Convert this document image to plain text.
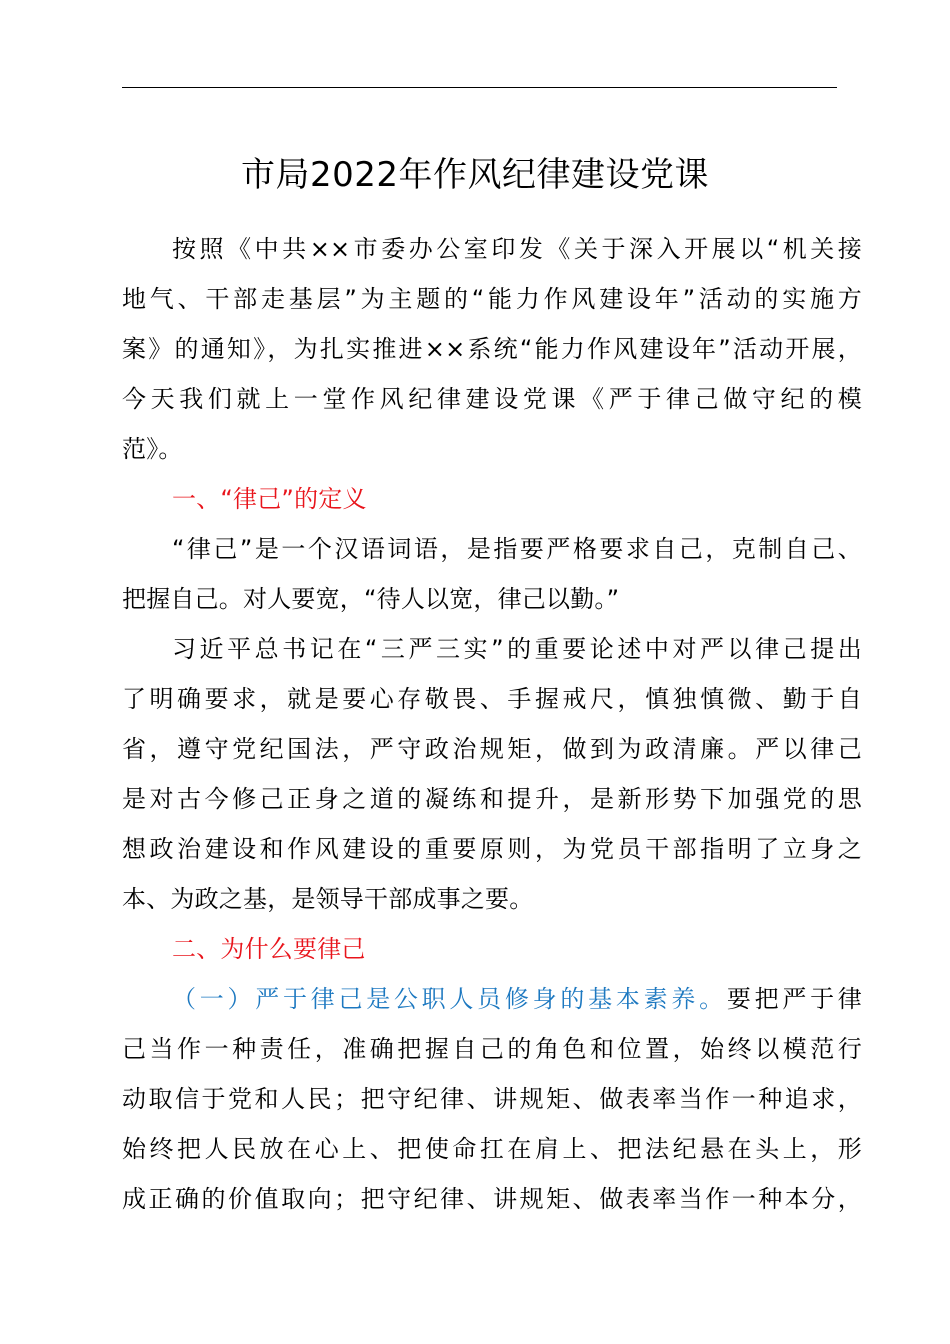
市局2022年作风纪律建设党课
按照《中共××市委办公室印发《关于深入开展以“机关接
地气、干部走基层”为主题的“能力作风建设年”活动的实施方
案》的通知》，为扎实推进××系统“能力作风建设年”活动开展，
今天我们就上一堂作风纪律建设党课《严于律己做守纪的模
范》。
一、“律己”的定义
“律己”是一个汉语词语，是指要严格要求自己，克制自己、
把握自己。对人要宽，“待人以宽，律己以勤。”
习近平总书记在“三严三实”的重要论述中对严以律己提出
了明确要求，就是要心存敬畏、手握戒尺，慎独慎微、勤于自
省，遵守党纪国法，严守政治规矩，做到为政清廉。严以律己
是对古今修己正身之道的凝练和提升，是新形势下加强党的思
想政治建设和作风建设的重要原则，为党员干部指明了立身之
本、为政之基，是领导干部成事之要。
二、为什么要律己
（一）严于律己是公职人员修身的基本素养。要把严于律
己当作一种责任，准确把握自己的角色和位置，始终以模范行
动取信于党和人民；把守纪律、讲规矩、做表率当作一种追求，
始终把人民放在心上、把使命扛在肩上、把法纪悬在头上，形
成正确的价值取向；把守纪律、讲规矩、做表率当作一种本分，
